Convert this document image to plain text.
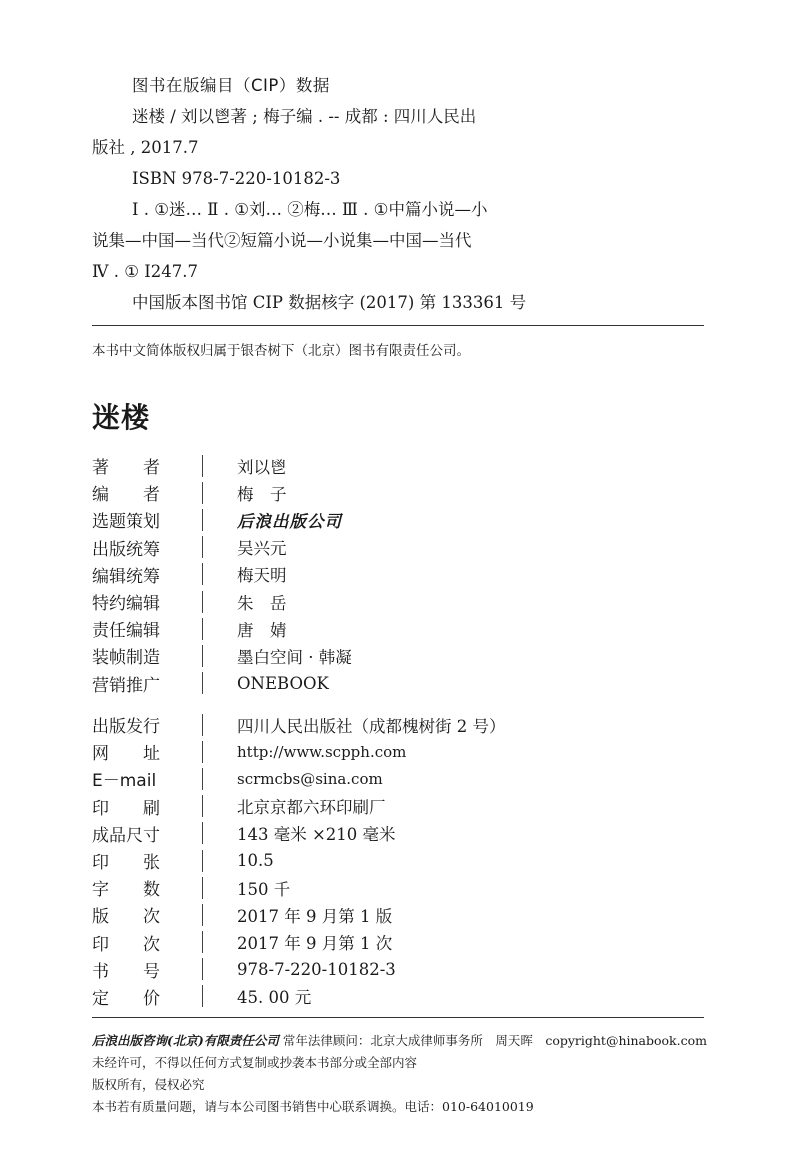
图书在版编目（CIP）数据
迷楼 / 刘以鬯著 ; 梅子编 . -- 成都 : 四川人民出
版社 , 2017.7
ISBN 978-7-220-10182-3
Ⅰ . ①迷… Ⅱ . ①刘… ②梅… Ⅲ . ①中篇小说—小
说集—中国—当代②短篇小说—小说集—中国—当代
Ⅳ . ① I247.7
中国版本图书馆 CIP 数据核字 (2017) 第 133361 号
本书中文简体版权归属于银杏树下（北京）图书有限责任公司。
迷楼
著　　者	刘以鬯
编　　者	梅　子
选题策划	后浪出版公司
出版统筹	吴兴元
编辑统筹	梅天明
特约编辑	朱　岳
责任编辑	唐　婧
装帧制造	墨白空间 · 韩凝
营销推广	ONEBOOK
出版发行	四川人民出版社（成都槐树街 2 号）
网　　址	http://www.scpph.com
E－mail	scrmcbs@sina.com
印　　刷	北京京都六环印刷厂
成品尺寸	143 毫米 ×210 毫米
印　　张	10.5
字　　数	150 千
版　　次	2017 年 9 月第 1 版
印　　次	2017 年 9 月第 1 次
书　　号	978-7-220-10182-3
定　　价	45. 00 元
后浪出版咨询(北京)有限责任公司 常年法律顾问：北京大成律师事务所　周天晖　copyright@hinabook.com
未经许可，不得以任何方式复制或抄袭本书部分或全部内容
版权所有，侵权必究
本书若有质量问题，请与本公司图书销售中心联系调换。电话：010-64010019
